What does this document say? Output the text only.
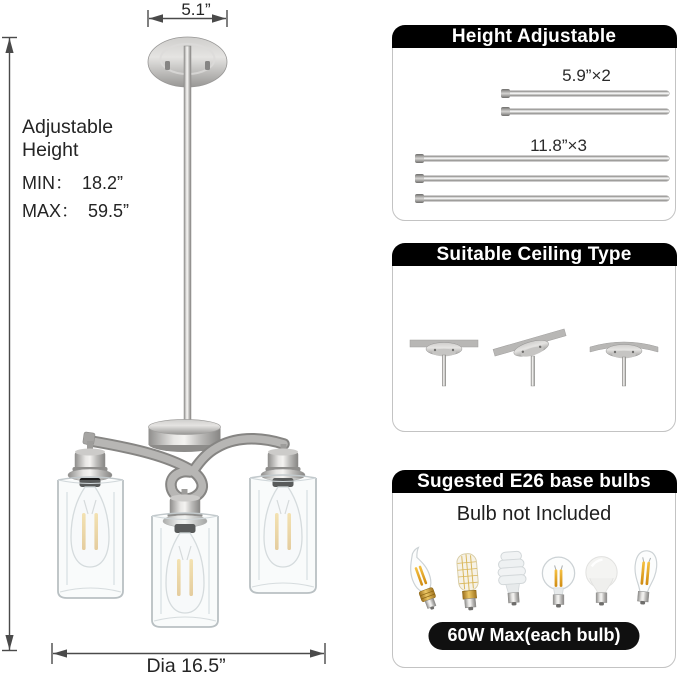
5.1”
Adjustable
Height
MIN： 18.2”
MAX： 59.5”
Dia 16.5”
Height Adjustable
5.9”×2
11.8”×3
Suitable Ceiling Type
Sugested E26 base bulbs
Bulb not Included
60W Max(each bulb)
